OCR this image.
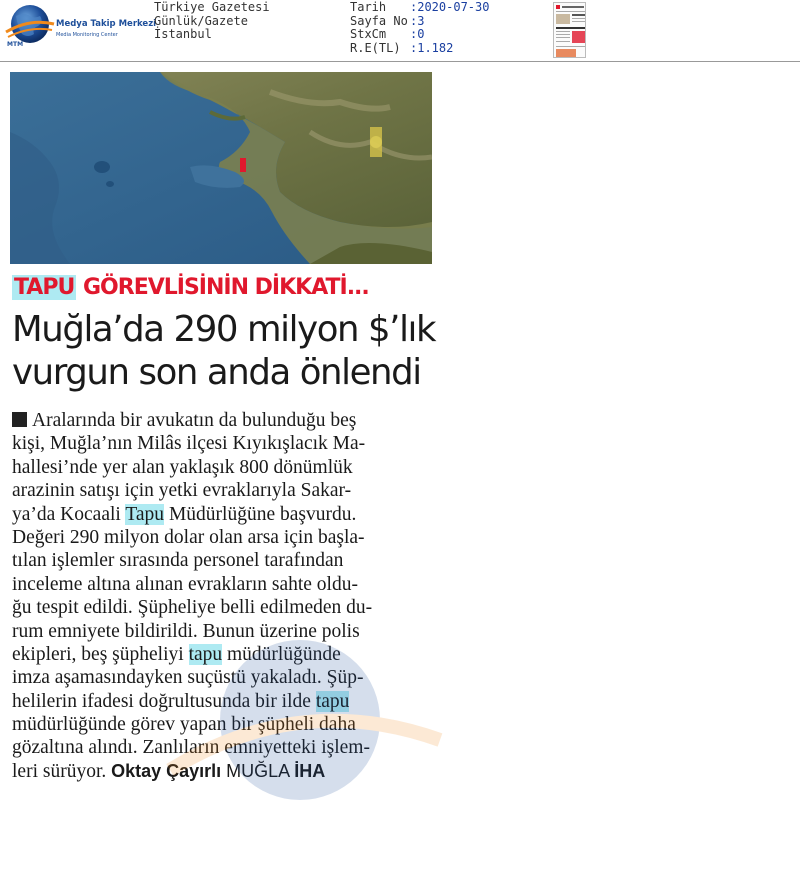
MTM
Medya Takip Merkezi
Media Monitoring Center
Türkiye Gazetesi
Günlük/Gazete
İstanbul
Tarih	:2020-07-30
Sayfa No :3
StxCm	:0
R.E(TL) :1.182
TAPU GÖREVLİSİNİN DİKKATİ...
Muğla’da 290 milyon $’lık
vurgun son anda önlendi
Aralarında bir avukatın da bulunduğu beş
kişi, Muğla’nın Milâs ilçesi Kıyıkışlacık Ma-
hallesi’nde yer alan yaklaşık 800 dönümlük
arazinin satışı için yetki evraklarıyla Sakar-
ya’da Kocaali Tapu Müdürlüğüne başvurdu.
Değeri 290 milyon dolar olan arsa için başla-
tılan işlemler sırasında personel tarafından
inceleme altına alınan evrakların sahte oldu-
ğu tespit edildi. Şüpheliye belli edilmeden du-
rum emniyete bildirildi. Bunun üzerine polis
ekipleri, beş şüpheliyi tapu müdürlüğünde
imza aşamasındayken suçüstü yakaladı. Şüp-
helilerin ifadesi doğrultusunda bir ilde tapu
müdürlüğünde görev yapan bir şüpheli daha
gözaltına alındı. Zanlıların emniyetteki işlem-
leri sürüyor. Oktay Çayırlı MUĞLA İHA
